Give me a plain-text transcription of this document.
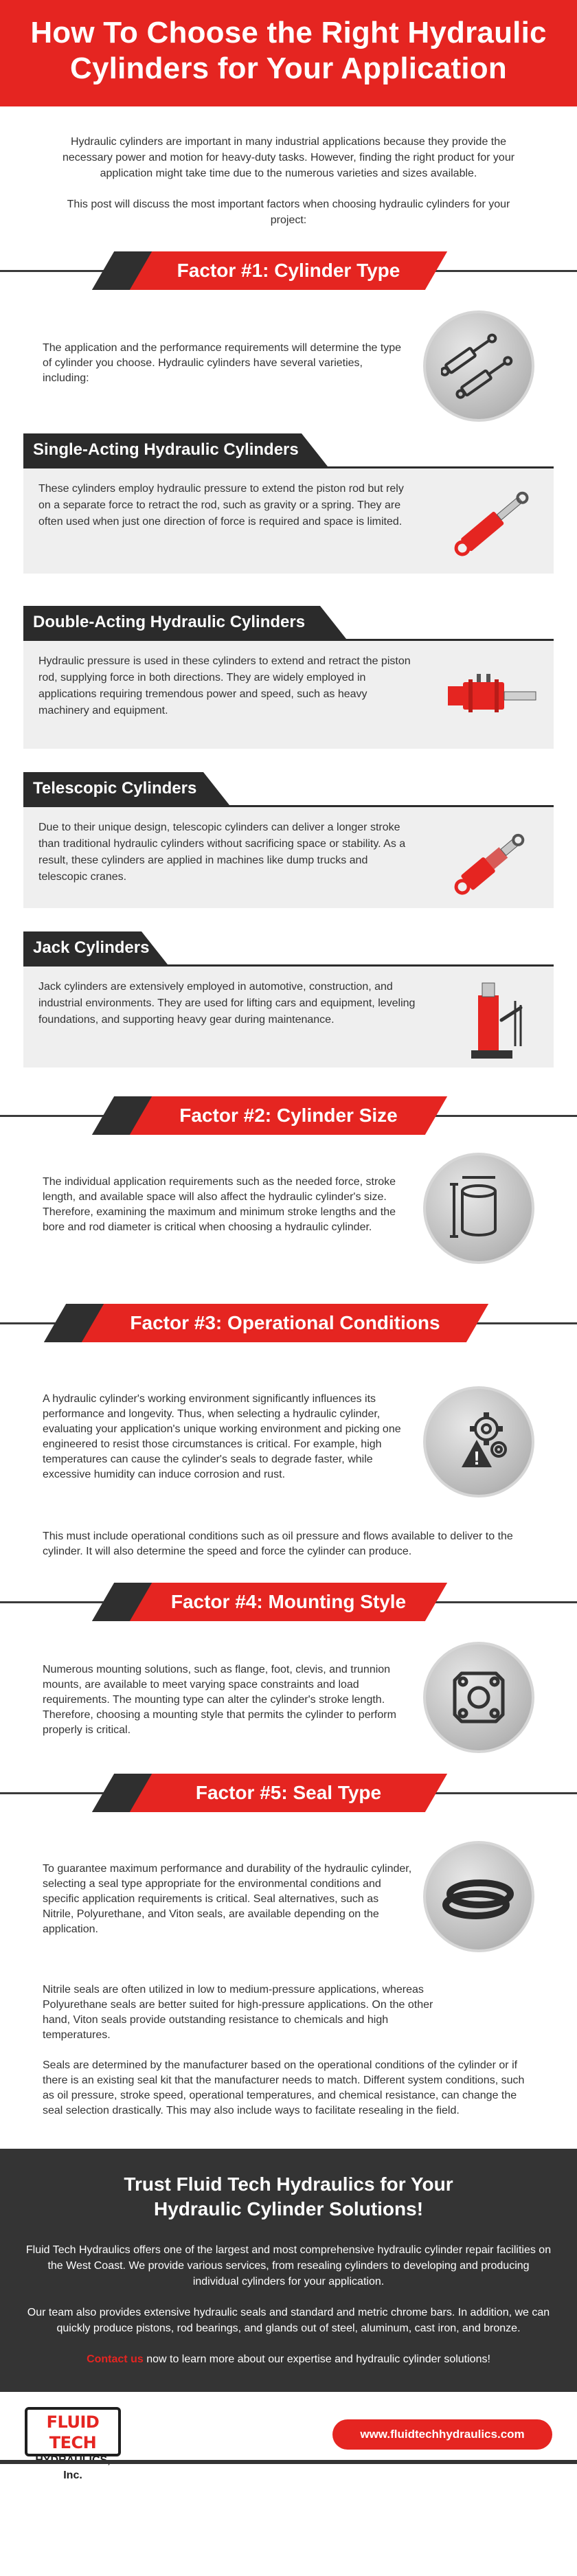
How To Choose the Right Hydraulic
Cylinders for Your Application

Hydraulic cylinders are important in many industrial applications because they provide the necessary power and motion for heavy-duty tasks. However, finding the right product for your application might take time due to the numerous varieties and sizes available.

This post will discuss the most important factors when choosing hydraulic cylinders for your project:

Factor #1: Cylinder Type

The application and the performance requirements will determine the type of cylinder you choose. Hydraulic cylinders have several varieties, including:

Single-Acting Hydraulic Cylinders

These cylinders employ hydraulic pressure to extend the piston rod but rely on a separate force to retract the rod, such as gravity or a spring. They are often used when just one direction of force is required and space is limited.

Double-Acting Hydraulic Cylinders

Hydraulic pressure is used in these cylinders to extend and retract the piston rod, supplying force in both directions. They are widely employed in applications requiring tremendous power and speed, such as heavy machinery and equipment.

Telescopic Cylinders

Due to their unique design, telescopic cylinders can deliver a longer stroke than traditional hydraulic cylinders without sacrificing space or stability. As a result, these cylinders are applied in machines like dump trucks and telescopic cranes.

Jack Cylinders

Jack cylinders are extensively employed in automotive, construction, and industrial environments. They are used for lifting cars and equipment, leveling foundations, and supporting heavy gear during maintenance.

Factor #2: Cylinder Size

The individual application requirements such as the needed force, stroke length, and available space will also affect the hydraulic cylinder's size. Therefore, examining the maximum and minimum stroke lengths and the bore and rod diameter is critical when choosing a hydraulic cylinder.

Factor #3: Operational Conditions

A hydraulic cylinder's working environment significantly influences its performance and longevity. Thus, when selecting a hydraulic cylinder, evaluating your application's unique working environment and picking one engineered to resist those circumstances is critical. For example, high temperatures can cause the cylinder's seals to degrade faster, while excessive humidity can induce corrosion and rust.

!

This must include operational conditions such as oil pressure and flows available to deliver to the cylinder. It will also determine the speed and force the cylinder can produce.

Factor #4: Mounting Style

Numerous mounting solutions, such as flange, foot, clevis, and trunnion mounts, are available to meet varying space constraints and load requirements. The mounting type can alter the cylinder's stroke length. Therefore, choosing a mounting style that permits the cylinder to perform properly is critical.

Factor #5: Seal Type

To guarantee maximum performance and durability of the hydraulic cylinder, selecting a seal type appropriate for the environmental conditions and specific application requirements is critical. Seal alternatives, such as Nitrile, Polyurethane, and Viton seals, are available depending on the application.

Nitrile seals are often utilized in low to medium-pressure applications, whereas Polyurethane seals are better suited for high-pressure applications. On the other hand, Viton seals provide outstanding resistance to chemicals and high temperatures.

Seals are determined by the manufacturer based on the operational conditions of the cylinder or if there is an existing seal kit that the manufacturer needs to match. Different system conditions, such as oil pressure, stroke speed, operational temperatures, and chemical resistance, can change the seal selection drastically. This may also include ways to facilitate resealing in the field.

Trust Fluid Tech Hydraulics for Your
Hydraulic Cylinder Solutions!

Fluid Tech Hydraulics offers one of the largest and most comprehensive hydraulic cylinder repair facilities on the West Coast. We provide various services, from resealing cylinders to developing and producing individual cylinders for your application.

Our team also provides extensive hydraulic seals and standard and metric chrome bars. In addition, we can quickly produce pistons, rod bearings, and glands out of steel, aluminum, cast iron, and bronze.

Contact us now to learn more about our expertise and hydraulic cylinder solutions!

FLUID TECH
Inc.
www.fluidtechhydraulics.com
